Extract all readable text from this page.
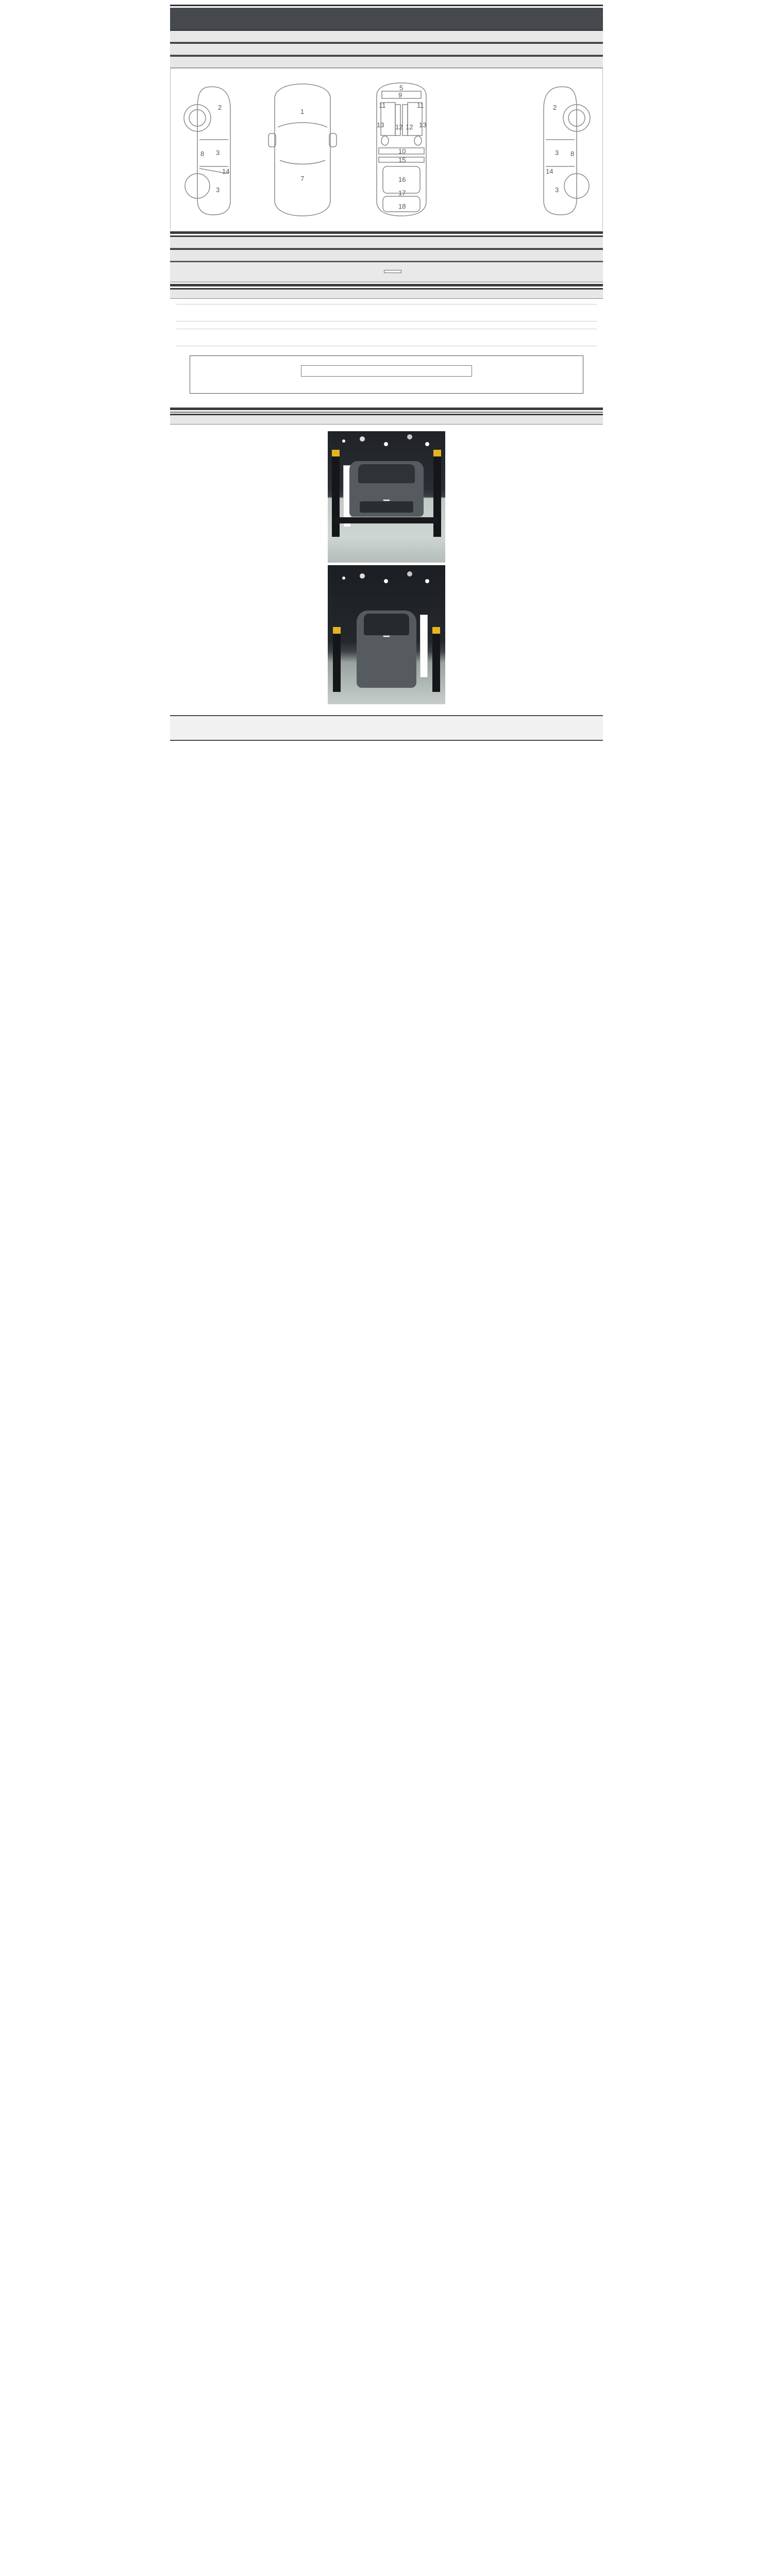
2
8 3
14
3
1
7
5
11	11
13	13
12 12
9
10
15
16
17
18
2
8
3
14
3
